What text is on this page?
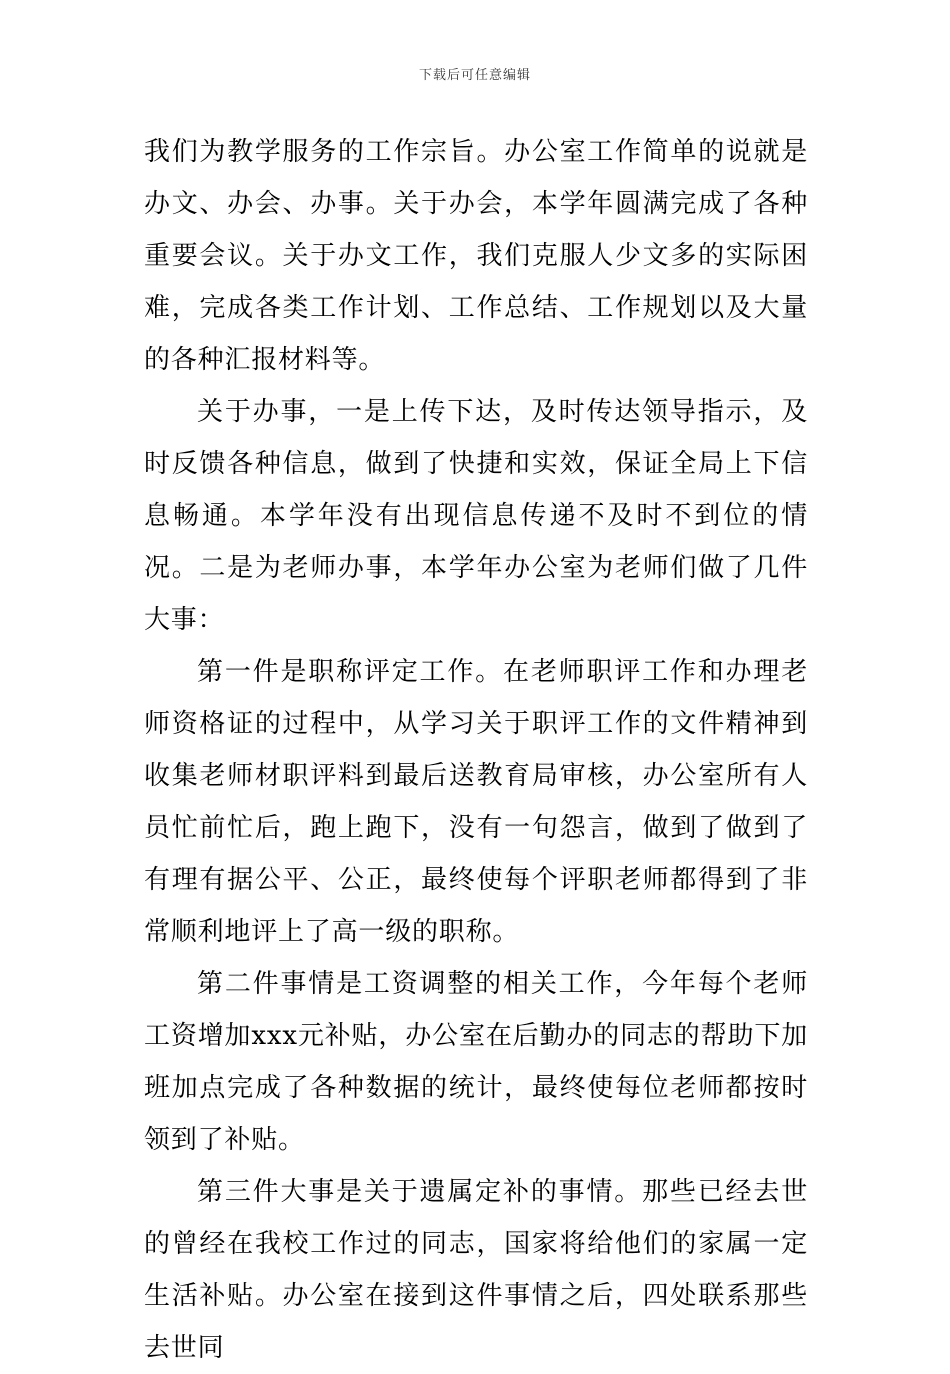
下载后可任意编辑

我们为教学服务的工作宗旨。办公室工作简单的说就是办文、办会、办事。关于办会，本学年圆满完成了各种重要会议。关于办文工作，我们克服人少文多的实际困难，完成各类工作计划、工作总结、工作规划以及大量的各种汇报材料等。

关于办事，一是上传下达，及时传达领导指示，及时反馈各种信息，做到了快捷和实效，保证全局上下信息畅通。本学年没有出现信息传递不及时不到位的情况。二是为老师办事，本学年办公室为老师们做了几件大事：

第一件是职称评定工作。在老师职评工作和办理老师资格证的过程中，从学习关于职评工作的文件精神到收集老师材职评料到最后送教育局审核，办公室所有人员忙前忙后，跑上跑下，没有一句怨言，做到了做到了有理有据公平、公正，最终使每个评职老师都得到了非常顺利地评上了高一级的职称。

第二件事情是工资调整的相关工作，今年每个老师工资增加xxx元补贴，办公室在后勤办的同志的帮助下加班加点完成了各种数据的统计，最终使每位老师都按时领到了补贴。

第三件大事是关于遗属定补的事情。那些已经去世的曾经在我校工作过的同志，国家将给他们的家属一定生活补贴。办公室在接到这件事情之后，四处联系那些去世同
